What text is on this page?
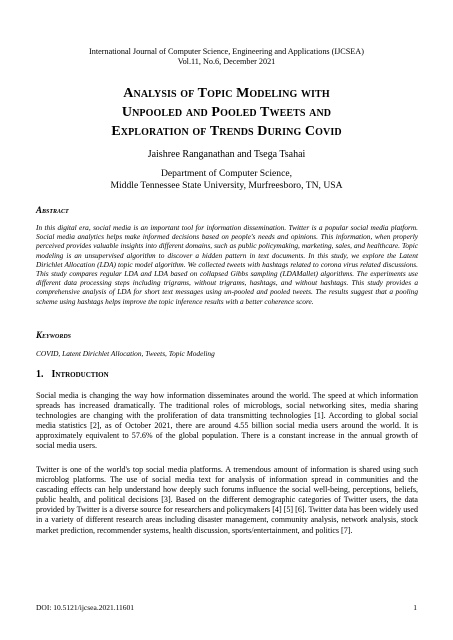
International Journal of Computer Science, Engineering and Applications (IJCSEA)
Vol.11, No.6, December 2021
Analysis of Topic Modeling with
Unpooled and Pooled Tweets and
Exploration of Trends During Covid
Jaishree Ranganathan and Tsega Tsahai
Department of Computer Science,
Middle Tennessee State University, Murfreesboro, TN, USA
Abstract
In this digital era, social media is an important tool for information dissemination. Twitter is a popular social media platform. Social media analytics helps make informed decisions based on people's needs and opinions. This information, when properly perceived provides valuable insights into different domains, such as public policymaking, marketing, sales, and healthcare. Topic modeling is an unsupervised algorithm to discover a hidden pattern in text documents. In this study, we explore the Latent Dirichlet Allocation (LDA) topic model algorithm. We collected tweets with hashtags related to corona virus related discussions. This study compares regular LDA and LDA based on collapsed Gibbs sampling (LDAMallet) algorithms. The experiments use different data processing steps including trigrams, without trigrams, hashtags, and without hashtags. This study provides a comprehensive analysis of LDA for short text messages using un-pooled and pooled tweets. The results suggest that a pooling scheme using hashtags helps improve the topic inference results with a better coherence score.
Keywords
COVID, Latent Dirichlet Allocation, Tweets, Topic Modeling
1. Introduction
Social media is changing the way how information disseminates around the world. The speed at which information spreads has increased dramatically. The traditional roles of microblogs, social networking sites, media sharing technologies are changing with the proliferation of data transmitting technologies [1]. According to global social media statistics [2], as of October 2021, there are around 4.55 billion social media users around the world. It is approximately equivalent to 57.6% of the global population. There is a constant increase in the annual growth of social media users.
Twitter is one of the world's top social media platforms. A tremendous amount of information is shared using such microblog platforms. The use of social media text for analysis of information spread in communities and the cascading effects can help understand how deeply such forums influence the social well-being, perceptions, beliefs, public health, and political decisions [3]. Based on the different demographic categories of Twitter users, the data provided by Twitter is a diverse source for researchers and policymakers [4] [5] [6]. Twitter data has been widely used in a variety of different research areas including disaster management, community analysis, network analysis, stock market prediction, recommender systems, health discussion, sports/entertainment, and politics [7].
DOI: 10.5121/ijcsea.2021.11601	1
